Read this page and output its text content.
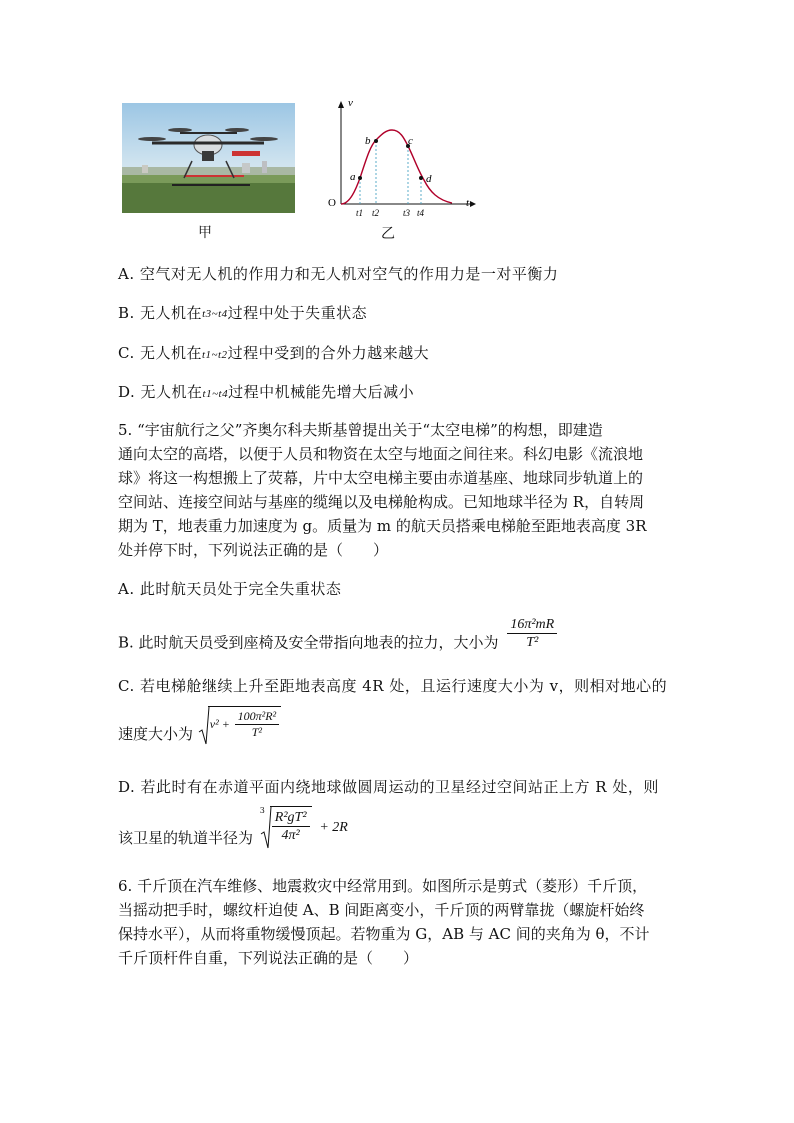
甲
v
t
O
a
b	c
d
t1 t2	t3 t4
乙
A. 空气对无人机的作用力和无人机对空气的作用力是一对平衡力
B. 无人机在t3~t4过程中处于失重状态
C. 无人机在t1~t2过程中受到的合外力越来越大
D. 无人机在t1~t4过程中机械能先增大后减小

5. “宇宙航行之父”齐奥尔科夫斯基曾提出关于“太空电梯”的构想，即建造

通向太空的高塔，以便于人员和物资在太空与地面之间往来。科幻电影《流浪地

球》将这一构想搬上了荧幕，片中太空电梯主要由赤道基座、地球同步轨道上的

空间站、连接空间站与基座的缆绳以及电梯舱构成。已知地球半径为 R，自转周

期为 T，地表重力加速度为 g。质量为 m 的航天员搭乘电梯舱至距地表高度 3R

处并停下时，下列说法正确的是（　　）

A. 此时航天员处于完全失重状态
B. 此时航天员受到座椅及安全带指向地表的拉力，大小为 $\frac{\text{16π²mR}}{\text{T²}}$
C. 若电梯舱继续上升至距地表高度 4R 处，且运行速度大小为 v，则相对地心的
速度大小为
$v^2 + \frac{\text{100π²R²}}{\text{T²}}$
D. 若此时有在赤道平面内绕地球做圆周运动的卫星经过空间站正上方 R 处，则
该卫星的轨道半径为
$3 \frac{\text{R²gT²}}{\text{4π²}} + 2R$

6. 千斤顶在汽车维修、地震救灾中经常用到。如图所示是剪式（菱形）千斤顶，

当摇动把手时，螺纹杆迫使 A、B 间距离变小，千斤顶的两臂靠拢（螺旋杆始终

保持水平），从而将重物缓慢顶起。若物重为 G，AB 与 AC 间的夹角为 θ，不计

千斤顶杆件自重，下列说法正确的是（　　）
